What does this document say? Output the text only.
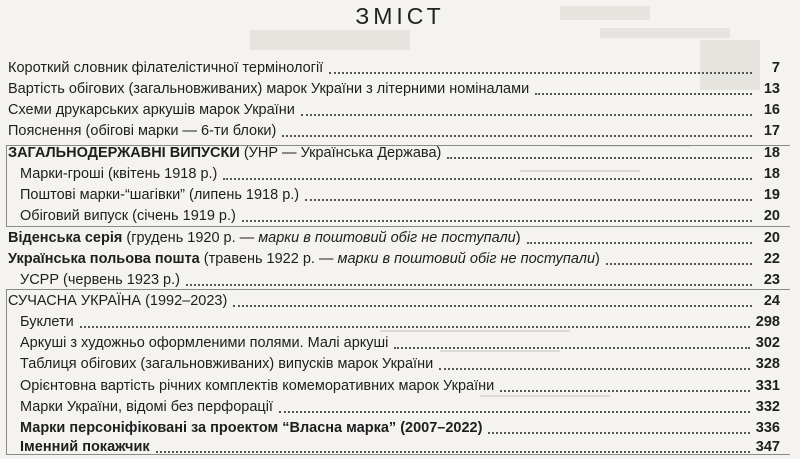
ЗМІСТ
Короткий словник філателістичної термінології	7
Вартість обігових (загальновживаних) марок України з літерними номіналами	13
Схеми друкарських аркушів марок України	16
Пояснення (обігові марки — 6-ти блоки)	17
ЗАГАЛЬНОДЕРЖАВНІ ВИПУСКИ (УНР — Українська Держава)	18
Марки-гроші (квітень 1918 р.)	18
Поштові марки-“шагівки” (липень 1918 р.)	19
Обіговий випуск (січень 1919 р.)	20
Віденська серія (грудень 1920 р. — марки в поштовий обіг не поступали)	20
Українська польова пошта (травень 1922 р. — марки в поштовий обіг не поступали)	22
УСРР (червень 1923 р.)	23
СУЧАСНА УКРАЇНА (1992–2023)	24
Буклети	298
Аркуші з художньо оформленими полями. Малі аркуші	302
Таблиця обігових (загальновживаних) випусків марок України	328
Орієнтовна вартість річних комплектів комеморативних марок України	331
Марки України, відомі без перфорації	332
Марки персоніфіковані за проектом “Власна марка” (2007–2022)	336
Іменний покажчик	347
